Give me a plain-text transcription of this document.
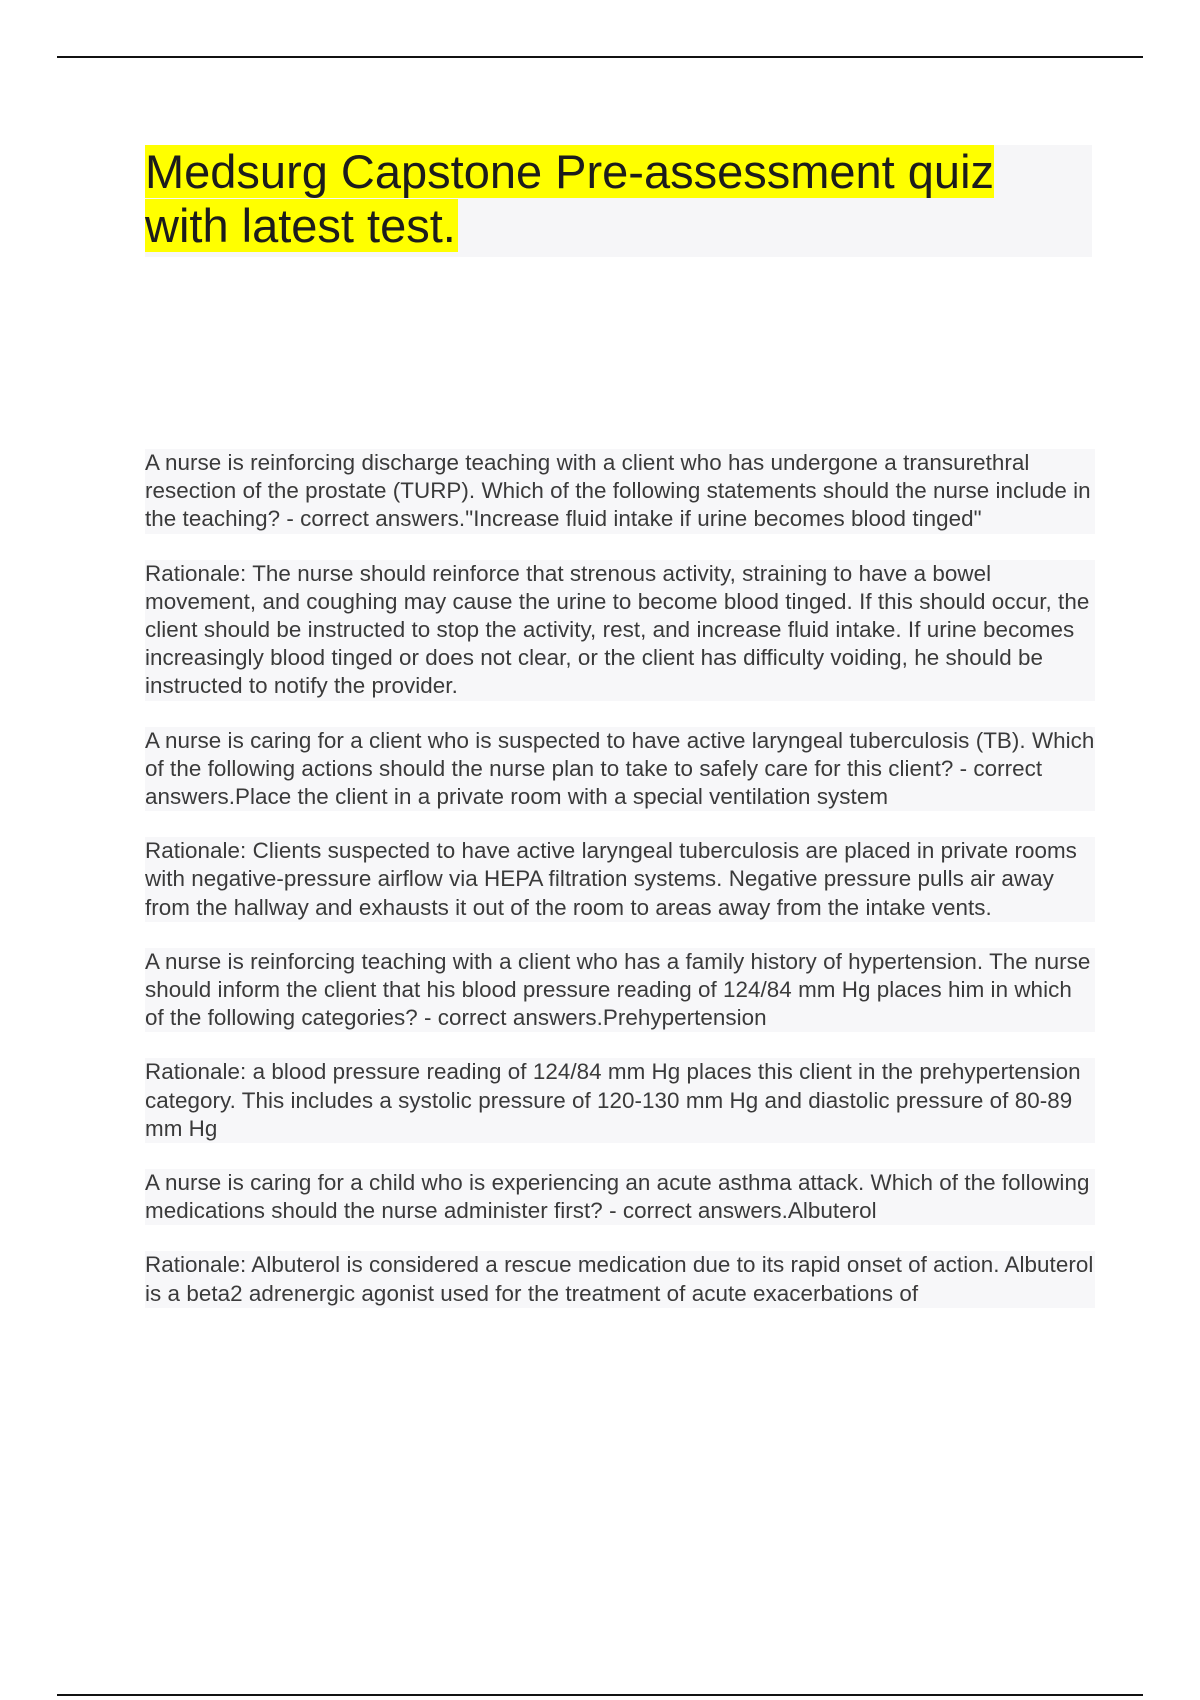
Medsurg Capstone Pre-assessment quiz with latest test.

A nurse is reinforcing discharge teaching with a client who has undergone a transurethral resection of the prostate (TURP). Which of the following statements should the nurse include in the teaching? - correct answers."Increase fluid intake if urine becomes blood tinged"

Rationale: The nurse should reinforce that strenous activity, straining to have a bowel movement, and coughing may cause the urine to become blood tinged. If this should occur, the client should be instructed to stop the activity, rest, and increase fluid intake. If urine becomes increasingly blood tinged or does not clear, or the client has difficulty voiding, he should be instructed to notify the provider.

A nurse is caring for a client who is suspected to have active laryngeal tuberculosis (TB). Which of the following actions should the nurse plan to take to safely care for this client? - correct answers.Place the client in a private room with a special ventilation system

Rationale: Clients suspected to have active laryngeal tuberculosis are placed in private rooms with negative-pressure airflow via HEPA filtration systems. Negative pressure pulls air away from the hallway and exhausts it out of the room to areas away from the intake vents.

A nurse is reinforcing teaching with a client who has a family history of hypertension. The nurse should inform the client that his blood pressure reading of 124/84 mm Hg places him in which of the following categories? - correct answers.Prehypertension

Rationale: a blood pressure reading of 124/84 mm Hg places this client in the prehypertension category. This includes a systolic pressure of 120-130 mm Hg and diastolic pressure of 80-89 mm Hg

A nurse is caring for a child who is experiencing an acute asthma attack. Which of the following medications should the nurse administer first? - correct answers.Albuterol

Rationale: Albuterol is considered a rescue medication due to its rapid onset of action. Albuterol is a beta2 adrenergic agonist used for the treatment of acute exacerbations of
